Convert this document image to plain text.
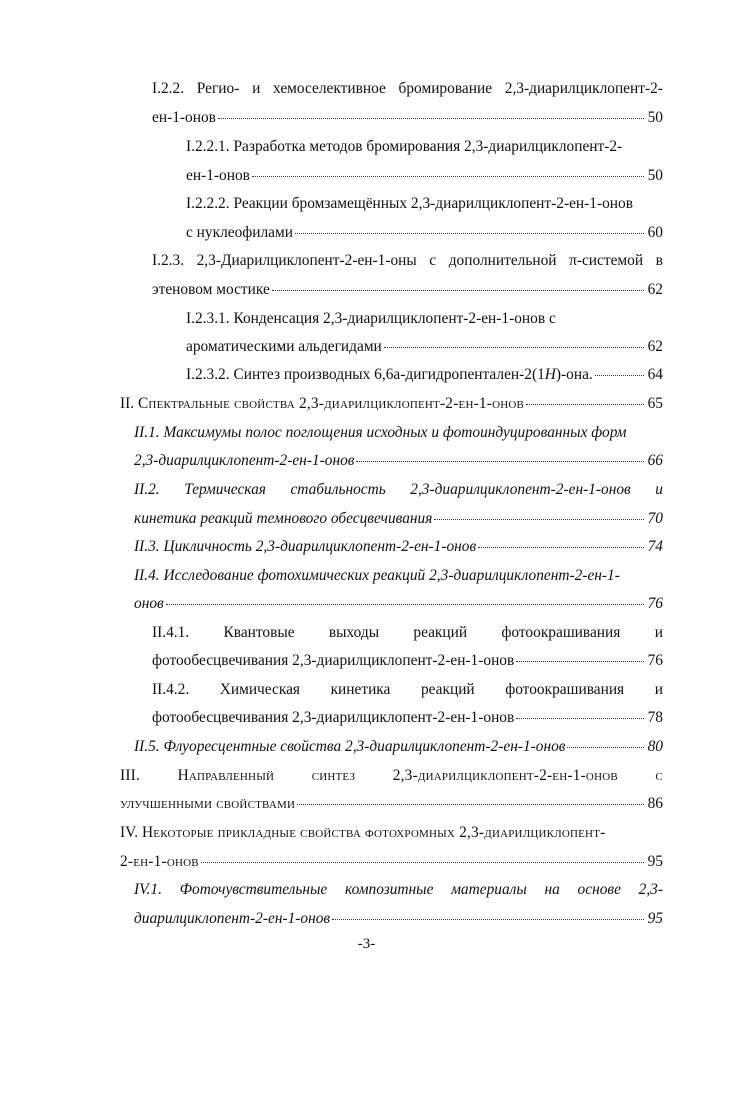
I.2.2. Регио- и хемоселективное бромирование 2,3-диарилциклопент-2-
ен-1-онов	50
I.2.2.1.
Разработка методов бромирования 2,3-диарилциклопент-2-
ен-1-онов	50
I.2.2.2.
Реакции бромзамещённых 2,3-диарилциклопент-2-ен-1-онов
с нуклеофилами	60
I.2.3. 2,3-Диарилциклопент-2-ен-1-оны с дополнительной π-системой в
этеновом мостике	62
I.2.3.1.
Конденсация 2,3-диарилциклопент-2-ен-1-онов с
ароматическими альдегидами	62
I.2.3.2.
Синтез производных 6,6а-дигидропентален-2(1 H )-она.	64
II.
Спектральные свойства 2,3-диарилциклопент-2-ен-1-онов	65
II.1.
Максимумы полос поглощения исходных и фотоиндуцированных форм
2,3-диарилциклопент-2-ен-1-онов	66
II.2. Термическая стабильность 2,3-диарилциклопент-2-ен-1-онов и
кинетика реакций темнового обесцвечивания	70
II.3.
Цикличность 2,3-диарилциклопент-2-ен-1-онов	74
II.4.
Исследование фотохимических реакций 2,3-диарилциклопент-2-ен-1-
онов	76
II.4.1. Квантовые выходы реакций фотоокрашивания и
фотообесцвечивания 2,3-диарилциклопент-2-ен-1-онов	76
II.4.2. Химическая кинетика реакций фотоокрашивания и
фотообесцвечивания 2,3-диарилциклопент-2-ен-1-онов	78
II.5.
Флуоресцентные свойства 2,3-диарилциклопент-2-ен-1-онов	80
III. Направленный синтез 2,3-диарилциклопент-2-ен-1-онов с
улучшенными свойствами	86
IV.
Некоторые прикладные свойства фотохромных 2,3-диарилциклопент-
2-ен-1-онов	95
IV.1. Фоточувствительные композитные материалы на основе 2,3-
диарилциклопент-2-ен-1-онов	95
-3-
